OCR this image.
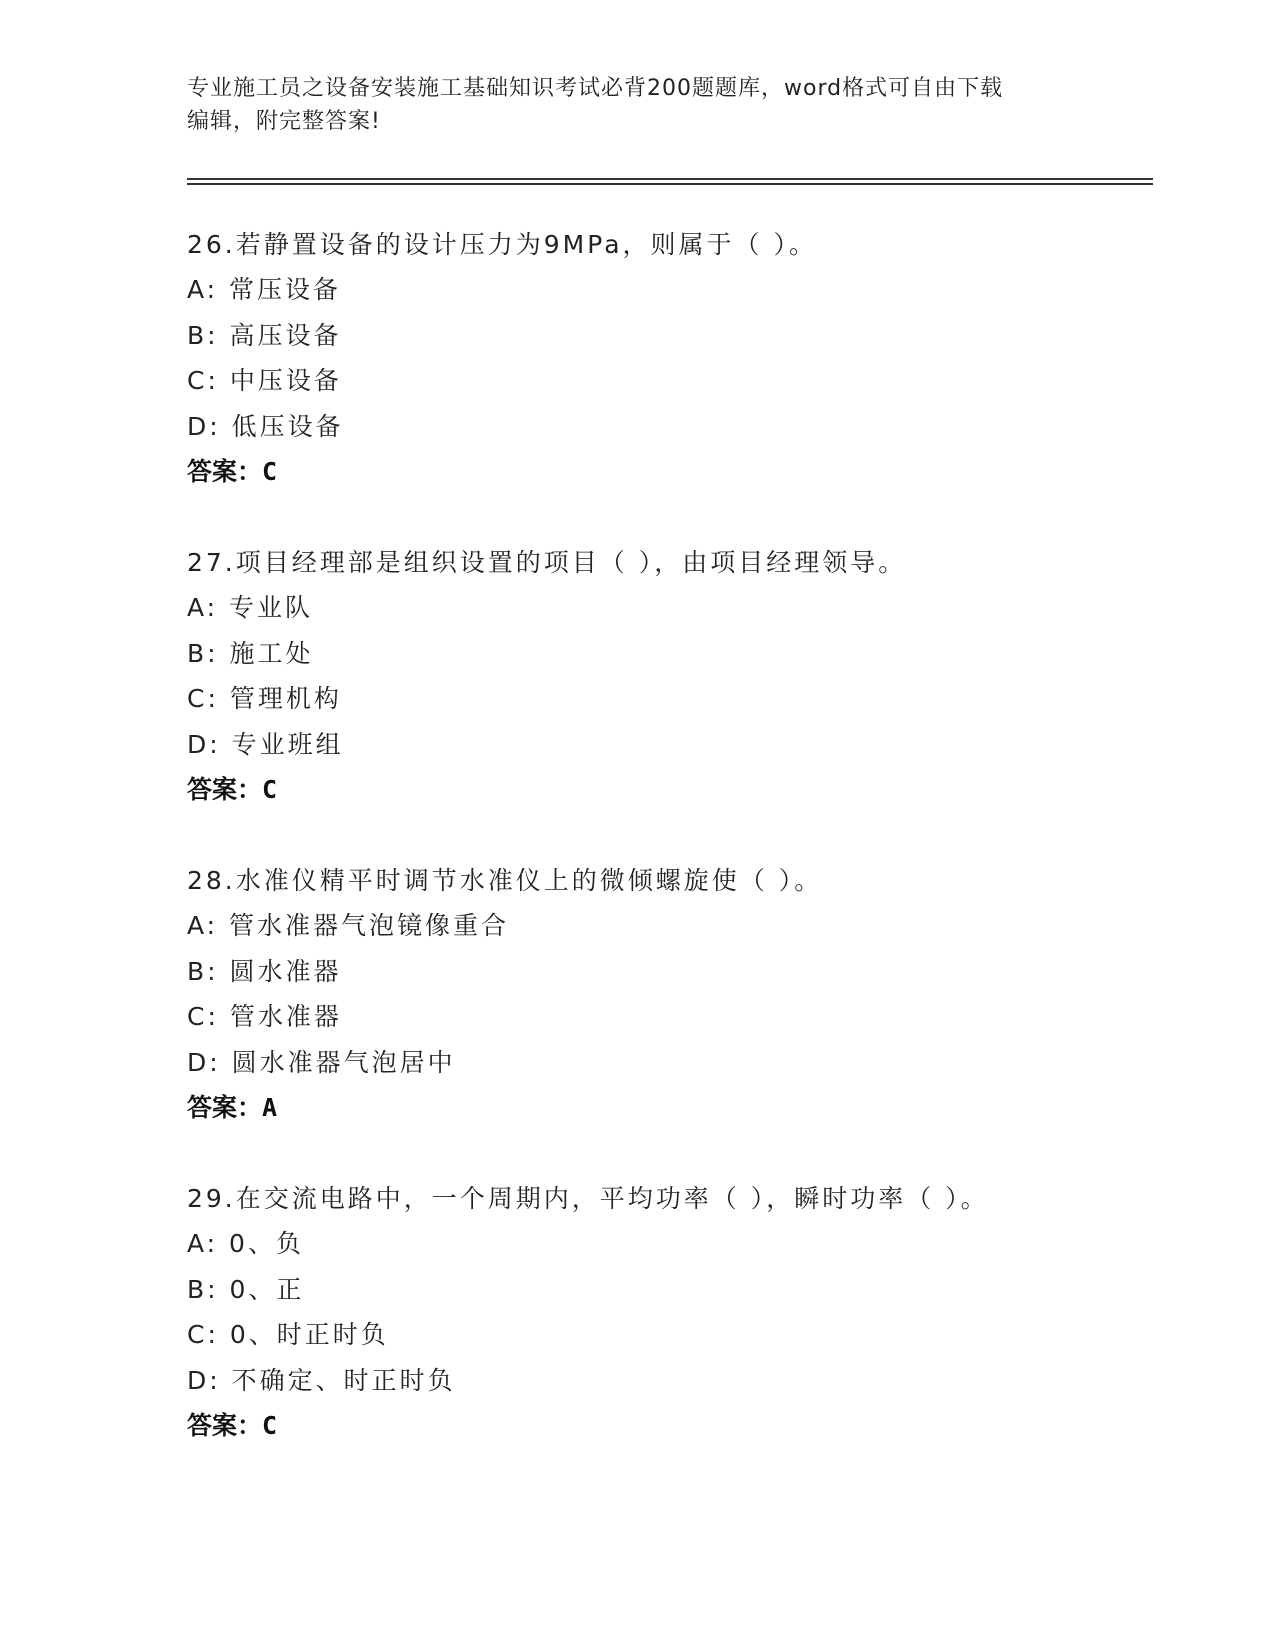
专业施工员之设备安装施工基础知识考试必背200题题库，word格式可自由下载
编辑，附完整答案!
26.若静置设备的设计压力为9MPa，则属于（ ）。
A: 常压设备
B: 高压设备
C: 中压设备
D: 低压设备
答案：C
27.项目经理部是组织设置的项目（ ），由项目经理领导。
A: 专业队
B: 施工处
C: 管理机构
D: 专业班组
答案：C
28.水准仪精平时调节水准仪上的微倾螺旋使（ ）。
A: 管水准器气泡镜像重合
B: 圆水准器
C: 管水准器
D: 圆水准器气泡居中
答案：A
29.在交流电路中，一个周期内，平均功率（ ），瞬时功率（ ）。
A: 0、负
B: 0、正
C: 0、时正时负
D: 不确定、时正时负
答案：C
